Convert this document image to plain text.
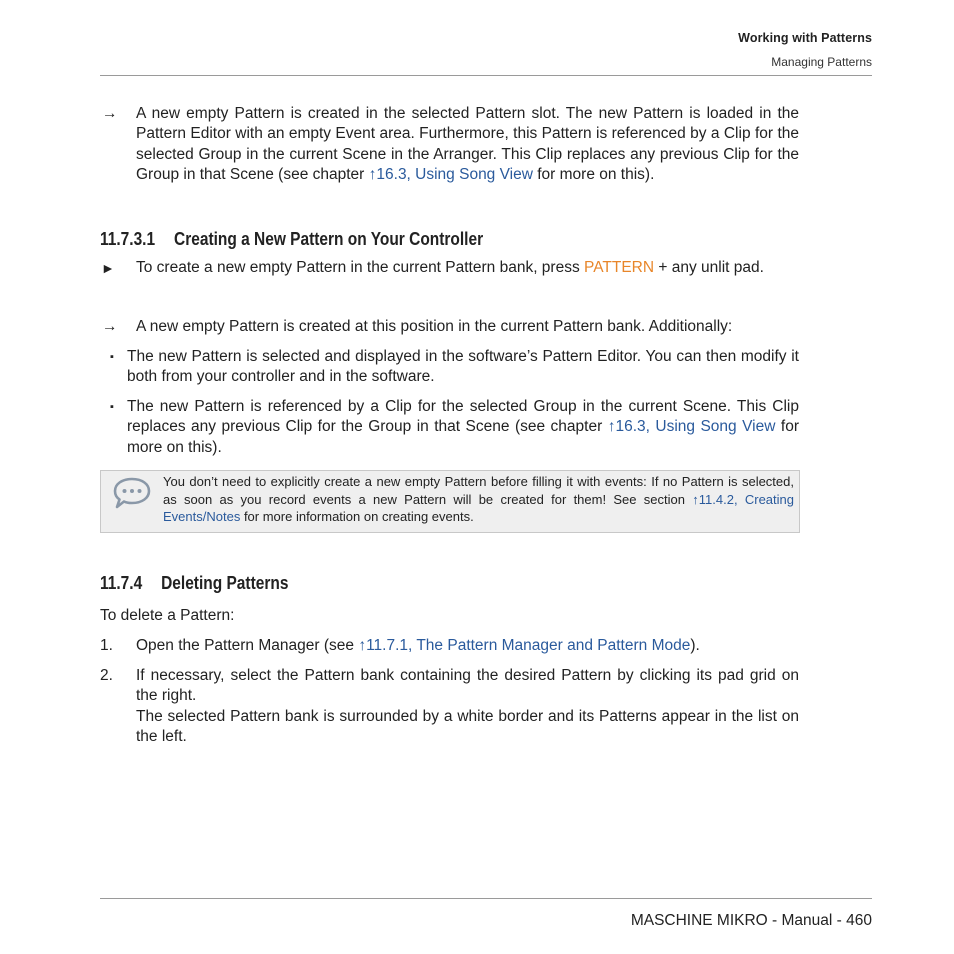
Working with Patterns
Managing Patterns
→ A new empty Pattern is created in the selected Pattern slot. The new Pattern is loaded in the Pattern Editor with an empty Event area. Furthermore, this Pattern is referenced by a Clip for the selected Group in the current Scene in the Arranger. This Clip replaces any previous Clip for the Group in that Scene (see chapter ↑16.3, Using Song View for more on this).
11.7.3.1 Creating a New Pattern on Your Controller
► To create a new empty Pattern in the current Pattern bank, press PATTERN + any unlit pad.
→ A new empty Pattern is created at this position in the current Pattern bank. Additionally:
▪ The new Pattern is selected and displayed in the software’s Pattern Editor. You can then modify it both from your controller and in the software.
▪ The new Pattern is referenced by a Clip for the selected Group in the current Scene. This Clip replaces any previous Clip for the Group in that Scene (see chapter ↑16.3, Using Song View for more on this).
You don’t need to explicitly create a new empty Pattern before filling it with events: If no Pattern is selected, as soon as you record events a new Pattern will be created for them! See section ↑11.4.2, Creating Events/Notes for more information on creating events.
11.7.4 Deleting Patterns
To delete a Pattern:
1. Open the Pattern Manager (see ↑11.7.1, The Pattern Manager and Pattern Mode).
2. If necessary, select the Pattern bank containing the desired Pattern by clicking its pad grid on the right.
The selected Pattern bank is surrounded by a white border and its Patterns appear in the list on the left.
MASCHINE MIKRO - Manual - 460
